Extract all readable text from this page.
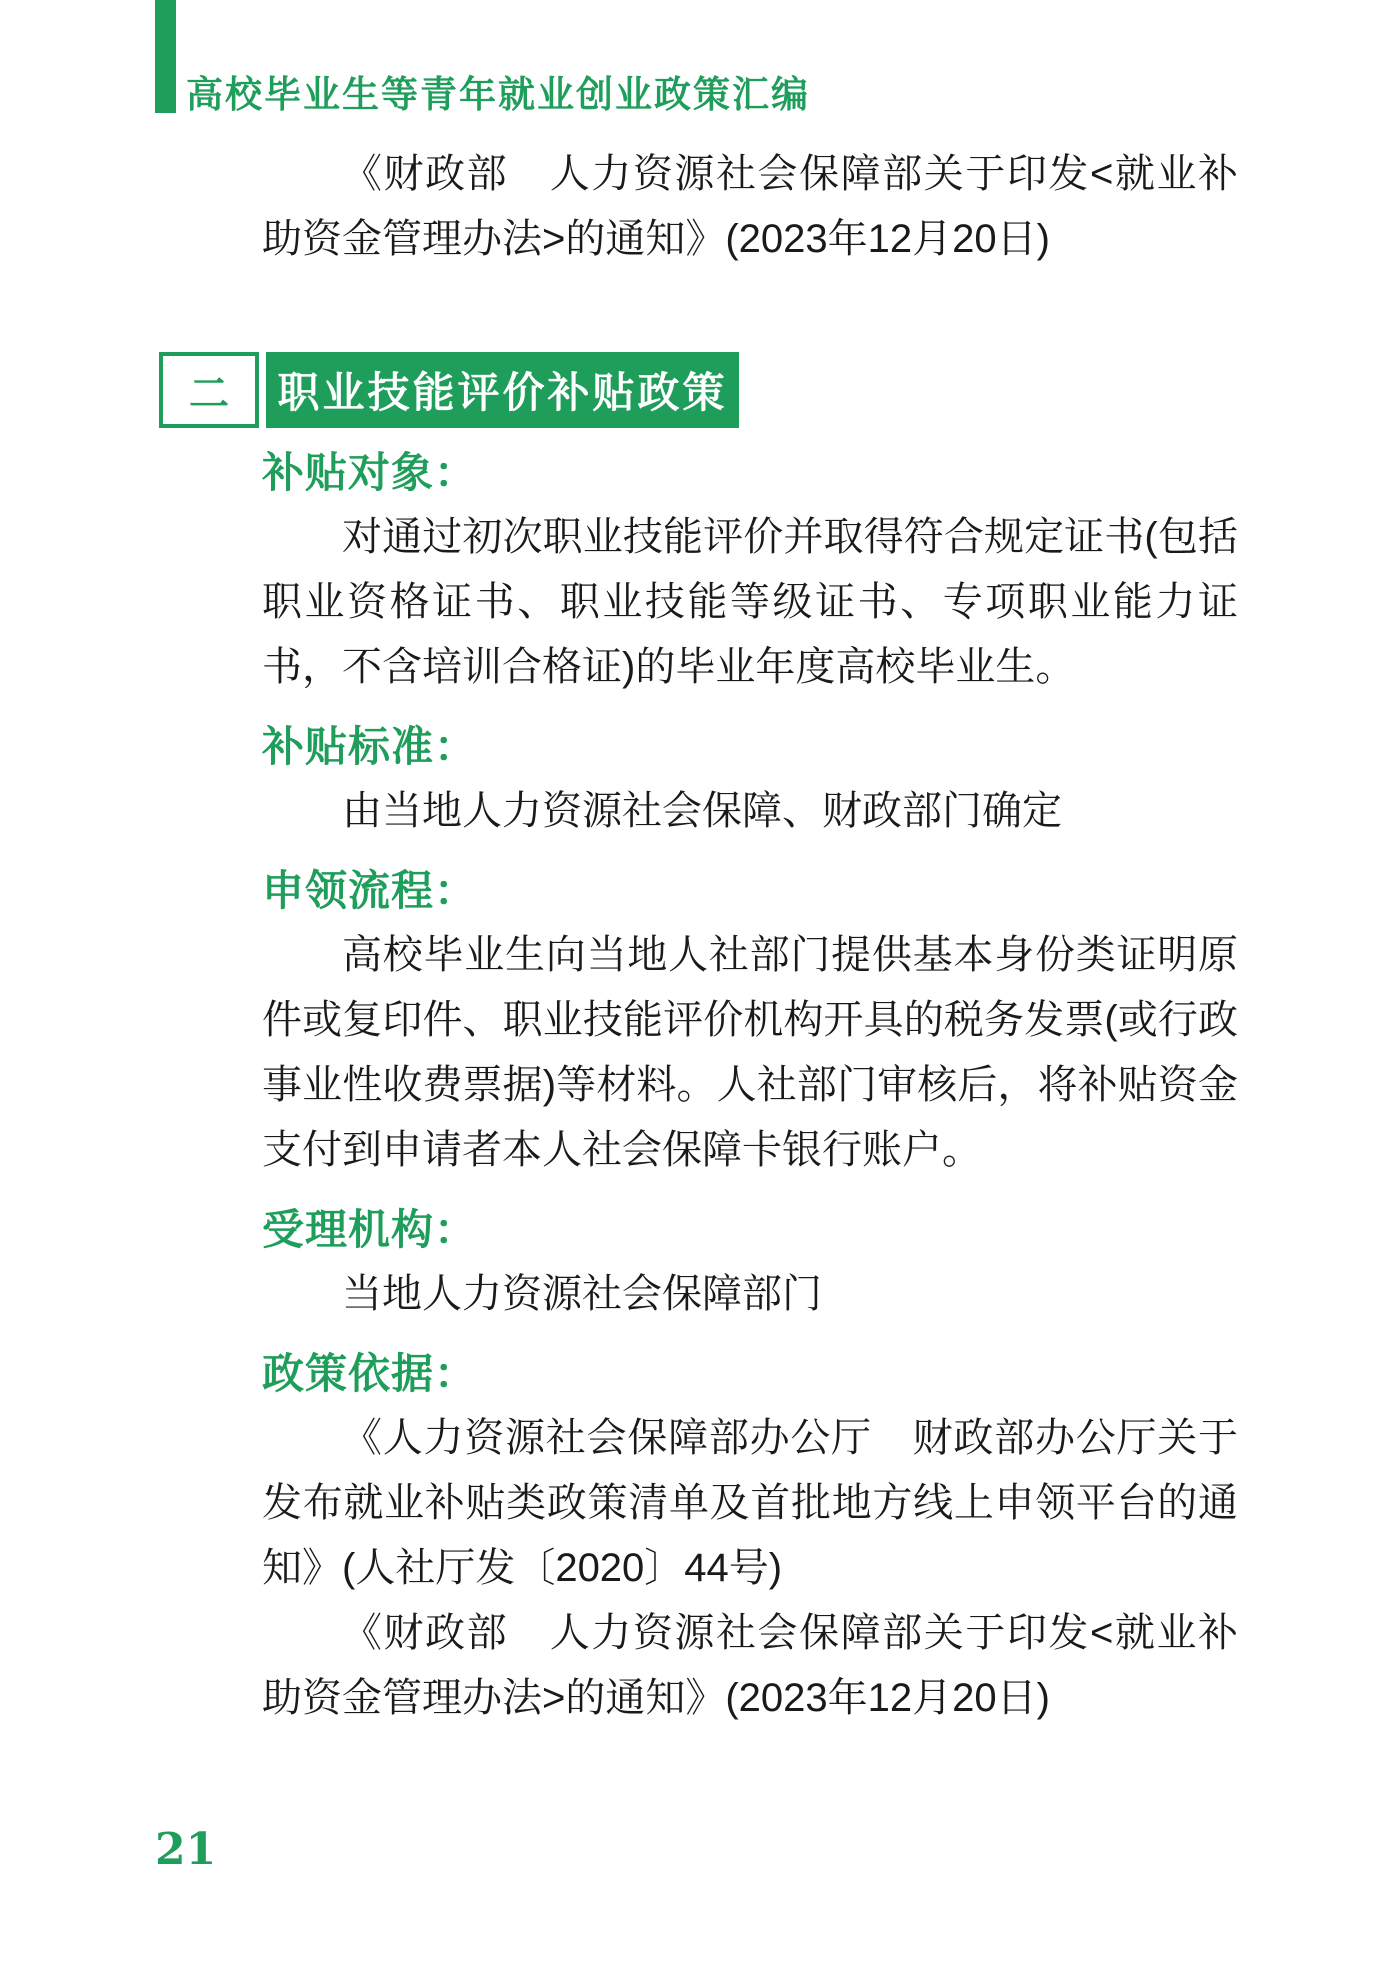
高校毕业生等青年就业创业政策汇编

《财政部　人力资源社会保障部关于印发<就业补助资金管理办法>的通知》(2023年12月20日)

二	职业技能评价补贴政策
补贴对象：

对通过初次职业技能评价并取得符合规定证书(包括职业资格证书、职业技能等级证书、专项职业能力证书，不含培训合格证)的毕业年度高校毕业生。

补贴标准：

由当地人力资源社会保障、财政部门确定

申领流程：

高校毕业生向当地人社部门提供基本身份类证明原件或复印件、职业技能评价机构开具的税务发票(或行政事业性收费票据)等材料。人社部门审核后，将补贴资金支付到申请者本人社会保障卡银行账户。

受理机构：

当地人力资源社会保障部门

政策依据：

《人力资源社会保障部办公厅　财政部办公厅关于发布就业补贴类政策清单及首批地方线上申领平台的通知》(人社厅发〔2020〕44号)

《财政部　人力资源社会保障部关于印发<就业补助资金管理办法>的通知》(2023年12月20日)

21
